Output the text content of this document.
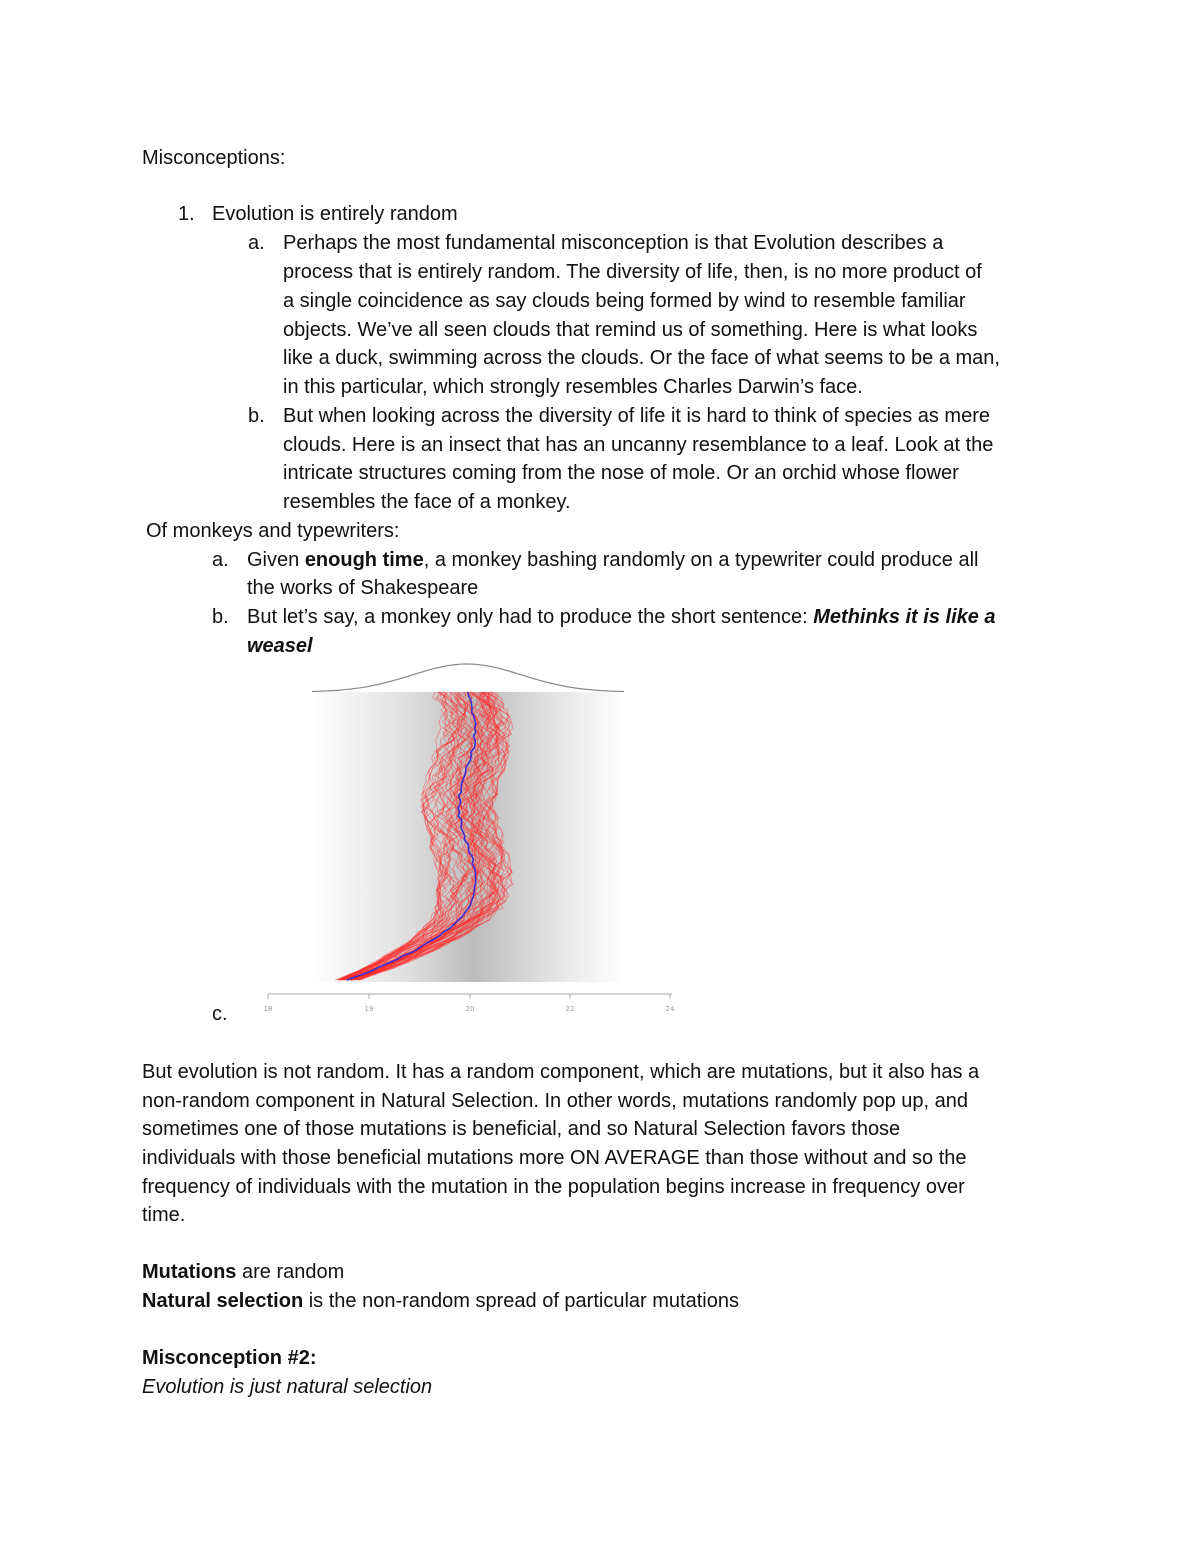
Misconceptions:
1. Evolution is entirely random
a. Perhaps the most fundamental misconception is that Evolution describes a
process that is entirely random. The diversity of life, then, is no more product of
a single coincidence as say clouds being formed by wind to resemble familiar
objects. We’ve all seen clouds that remind us of something. Here is what looks
like a duck, swimming across the clouds. Or the face of what seems to be a man,
in this particular, which strongly resembles Charles Darwin’s face.
b. But when looking across the diversity of life it is hard to think of species as mere
clouds. Here is an insect that has an uncanny resemblance to a leaf. Look at the
intricate structures coming from the nose of mole. Or an orchid whose flower
resembles the face of a monkey.
Of monkeys and typewriters:
a. Given enough time, a monkey bashing randomly on a typewriter could produce all
the works of Shakespeare
b. But let’s say, a monkey only had to produce the short sentence: Methinks it is like a
weasel
c.	18	19	20	22	24
But evolution is not random. It has a random component, which are mutations, but it also has a
non-random component in Natural Selection. In other words, mutations randomly pop up, and
sometimes one of those mutations is beneficial, and so Natural Selection favors those
individuals with those beneficial mutations more ON AVERAGE than those without and so the
frequency of individuals with the mutation in the population begins increase in frequency over
time.
Mutations are random
Natural selection is the non-random spread of particular mutations
Misconception #2:
Evolution is just natural selection
